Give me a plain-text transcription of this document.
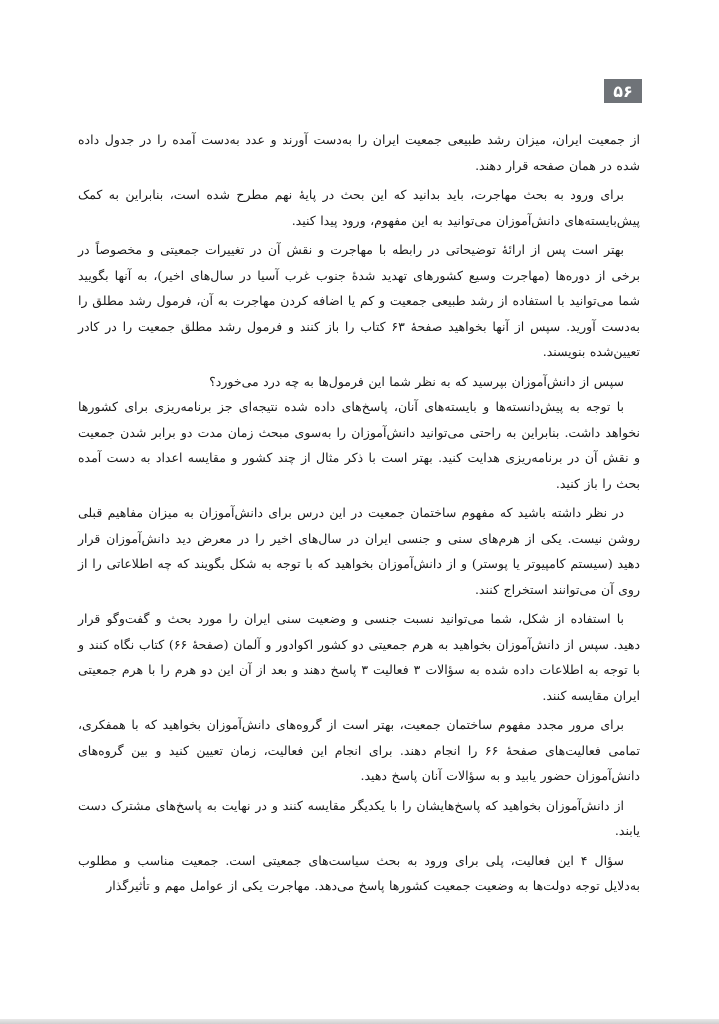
۵۶

از جمعیت ایران، میزان رشد طبیعی جمعیت ایران را به‌دست آورند و عدد به‌دست آمده را در جدول داده شده در همان صفحه قرار دهند.

برای ورود به بحث مهاجرت، باید بدانید که این بحث در پایهٔ نهم مطرح شده است، بنابراین به کمک پیش‌بایسته‌های دانش‌آموزان می‌توانید به این مفهوم، ورود پیدا کنید.

بهتر است پس از ارائهٔ توضیحاتی در رابطه با مهاجرت و نقش آن در تغییرات جمعیتی و مخصوصاً در برخی از دوره‌ها (مهاجرت وسیع کشورهای تهدید شدهٔ جنوب غرب آسیا در سال‌های اخیر)، به آنها بگویید شما می‌توانید با استفاده از رشد طبیعی جمعیت و کم یا اضافه کردن مهاجرت به آن، فرمول رشد مطلق را به‌دست آورید. سپس از آنها بخواهید صفحهٔ ۶۳ کتاب را باز کنند و فرمول رشد مطلق جمعیت را در کادر تعیین‌شده بنویسند.

سپس از دانش‌آموزان بپرسید که به نظر شما این فرمول‌ها به چه درد می‌خورد؟

با توجه به پیش‌دانسته‌ها و بایسته‌های آنان، پاسخ‌های داده شده نتیجه‌ای جز برنامه‌ریزی برای کشورها نخواهد داشت. بنابراین به راحتی می‌توانید دانش‌آموزان را به‌سوی مبحث زمان مدت دو برابر شدن جمعیت و نقش آن در برنامه‌ریزی هدایت کنید. بهتر است با ذکر مثال از چند کشور و مقایسه اعداد به دست آمده بحث را باز کنید.

در نظر داشته باشید که مفهوم ساختمان جمعیت در این درس برای دانش‌آموزان به میزان مفاهیم قبلی روشن نیست. یکی از هرم‌های سنی و جنسی ایران در سال‌های اخیر را در معرض دید دانش‌آموزان قرار دهید (سیستم کامپیوتر یا پوستر) و از دانش‌آموزان بخواهید که با توجه به شکل بگویند که چه اطلاعاتی را از روی آن می‌توانند استخراج کنند.

با استفاده از شکل، شما می‌توانید نسبت جنسی و وضعیت سنی ایران را مورد بحث و گفت‌وگو قرار دهید. سپس از دانش‌آموزان بخواهید به هرم جمعیتی دو کشور اکوادور و آلمان (صفحهٔ ۶۶) کتاب نگاه کنند و با توجه به اطلاعات داده شده به سؤالات ۳ فعالیت ۳ پاسخ دهند و بعد از آن این دو هرم را با هرم جمعیتی ایران مقایسه کنند.

برای مرور مجدد مفهوم ساختمان جمعیت، بهتر است از گروه‌های دانش‌آموزان بخواهید که با همفکری، تمامی فعالیت‌های صفحهٔ ۶۶ را انجام دهند. برای انجام این فعالیت، زمان تعیین کنید و بین گروه‌های دانش‌آموزان حضور یابید و به سؤالات آنان پاسخ دهید.

از دانش‌آموزان بخواهید که پاسخ‌هایشان را با یکدیگر مقایسه کنند و در نهایت به پاسخ‌های مشترک دست یابند.

سؤال ۴ این فعالیت، پلی برای ورود به بحث سیاست‌های جمعیتی است. جمعیت مناسب و مطلوب به‌دلایل توجه دولت‌ها به وضعیت جمعیت کشورها پاسخ می‌دهد. مهاجرت یکی از عوامل مهم و تأثیرگذار
